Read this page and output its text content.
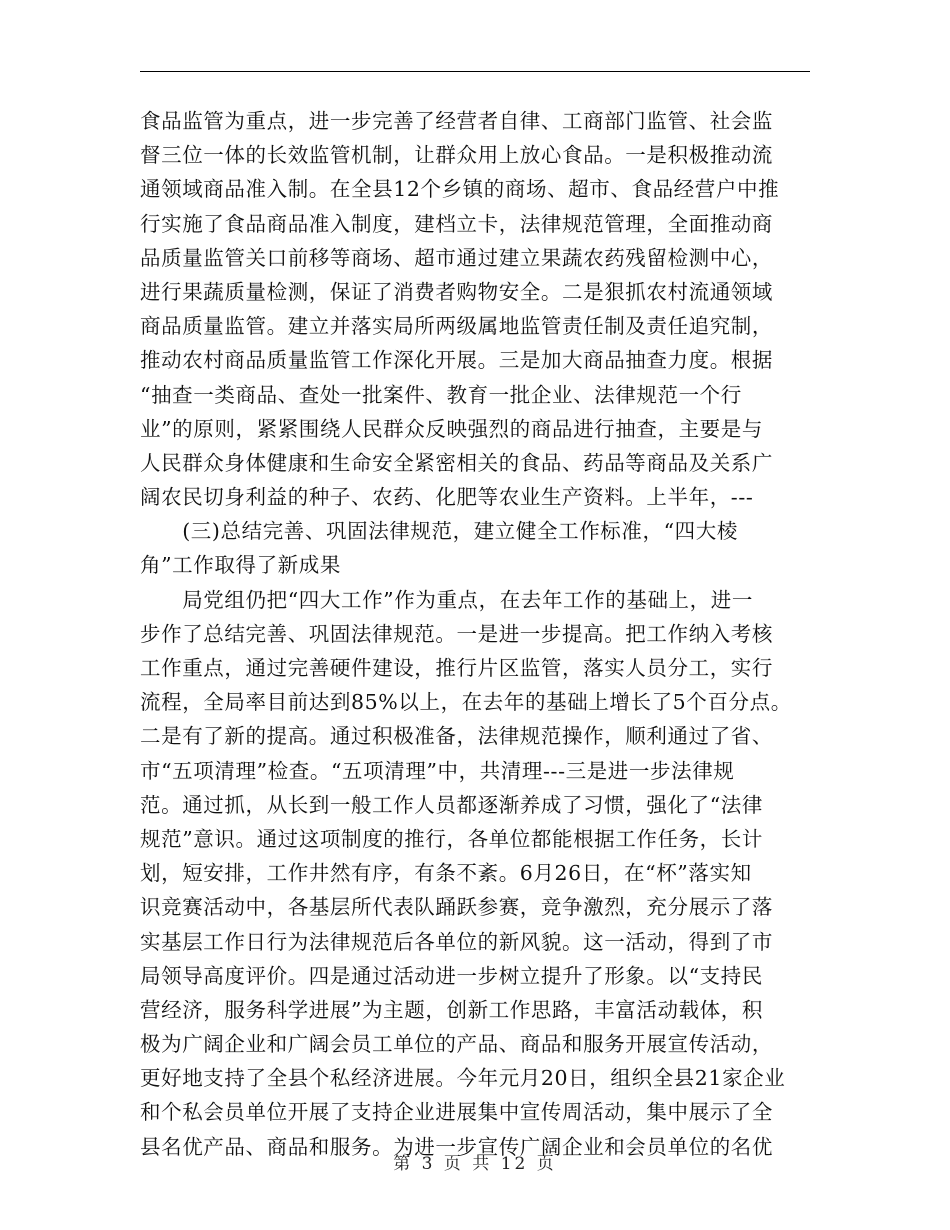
食品监管为重点，进一步完善了经营者自律、工商部门监管、社会监
督三位一体的长效监管机制，让群众用上放心食品。一是积极推动流
通领域商品准入制。在全县12个乡镇的商场、超市、食品经营户中推
行实施了食品商品准入制度，建档立卡，法律规范管理，全面推动商
品质量监管关口前移等商场、超市通过建立果蔬农药残留检测中心，
进行果蔬质量检测，保证了消费者购物安全。二是狠抓农村流通领域
商品质量监管。建立并落实局所两级属地监管责任制及责任追究制，
推动农村商品质量监管工作深化开展。三是加大商品抽查力度。根据
“抽查一类商品、查处一批案件、教育一批企业、法律规范一个行
业”的原则，紧紧围绕人民群众反映强烈的商品进行抽查，主要是与
人民群众身体健康和生命安全紧密相关的食品、药品等商品及关系广
阔农民切身利益的种子、农药、化肥等农业生产资料。上半年，---
　　(三)总结完善、巩固法律规范，建立健全工作标准，“四大棱
角”工作取得了新成果
　　局党组仍把“四大工作”作为重点，在去年工作的基础上，进一
步作了总结完善、巩固法律规范。一是进一步提高。把工作纳入考核
工作重点，通过完善硬件建设，推行片区监管，落实人员分工，实行
流程，全局率目前达到85%以上，在去年的基础上增长了5个百分点。
二是有了新的提高。通过积极准备，法律规范操作，顺利通过了省、
市“五项清理”检查。“五项清理”中，共清理---三是进一步法律规
范。通过抓，从长到一般工作人员都逐渐养成了习惯，强化了“法律
规范”意识。通过这项制度的推行，各单位都能根据工作任务，长计
划，短安排，工作井然有序，有条不紊。6月26日，在“杯”落实知
识竞赛活动中，各基层所代表队踊跃参赛，竞争激烈，充分展示了落
实基层工作日行为法律规范后各单位的新风貌。这一活动，得到了市
局领导高度评价。四是通过活动进一步树立提升了形象。以“支持民
营经济，服务科学进展”为主题，创新工作思路，丰富活动载体，积
极为广阔企业和广阔会员工单位的产品、商品和服务开展宣传活动，
更好地支持了全县个私经济进展。今年元月20日，组织全县21家企业
和个私会员单位开展了支持企业进展集中宣传周活动，集中展示了全
县名优产品、商品和服务。为进一步宣传广阔企业和会员单位的名优
第 3 页 共 12 页
